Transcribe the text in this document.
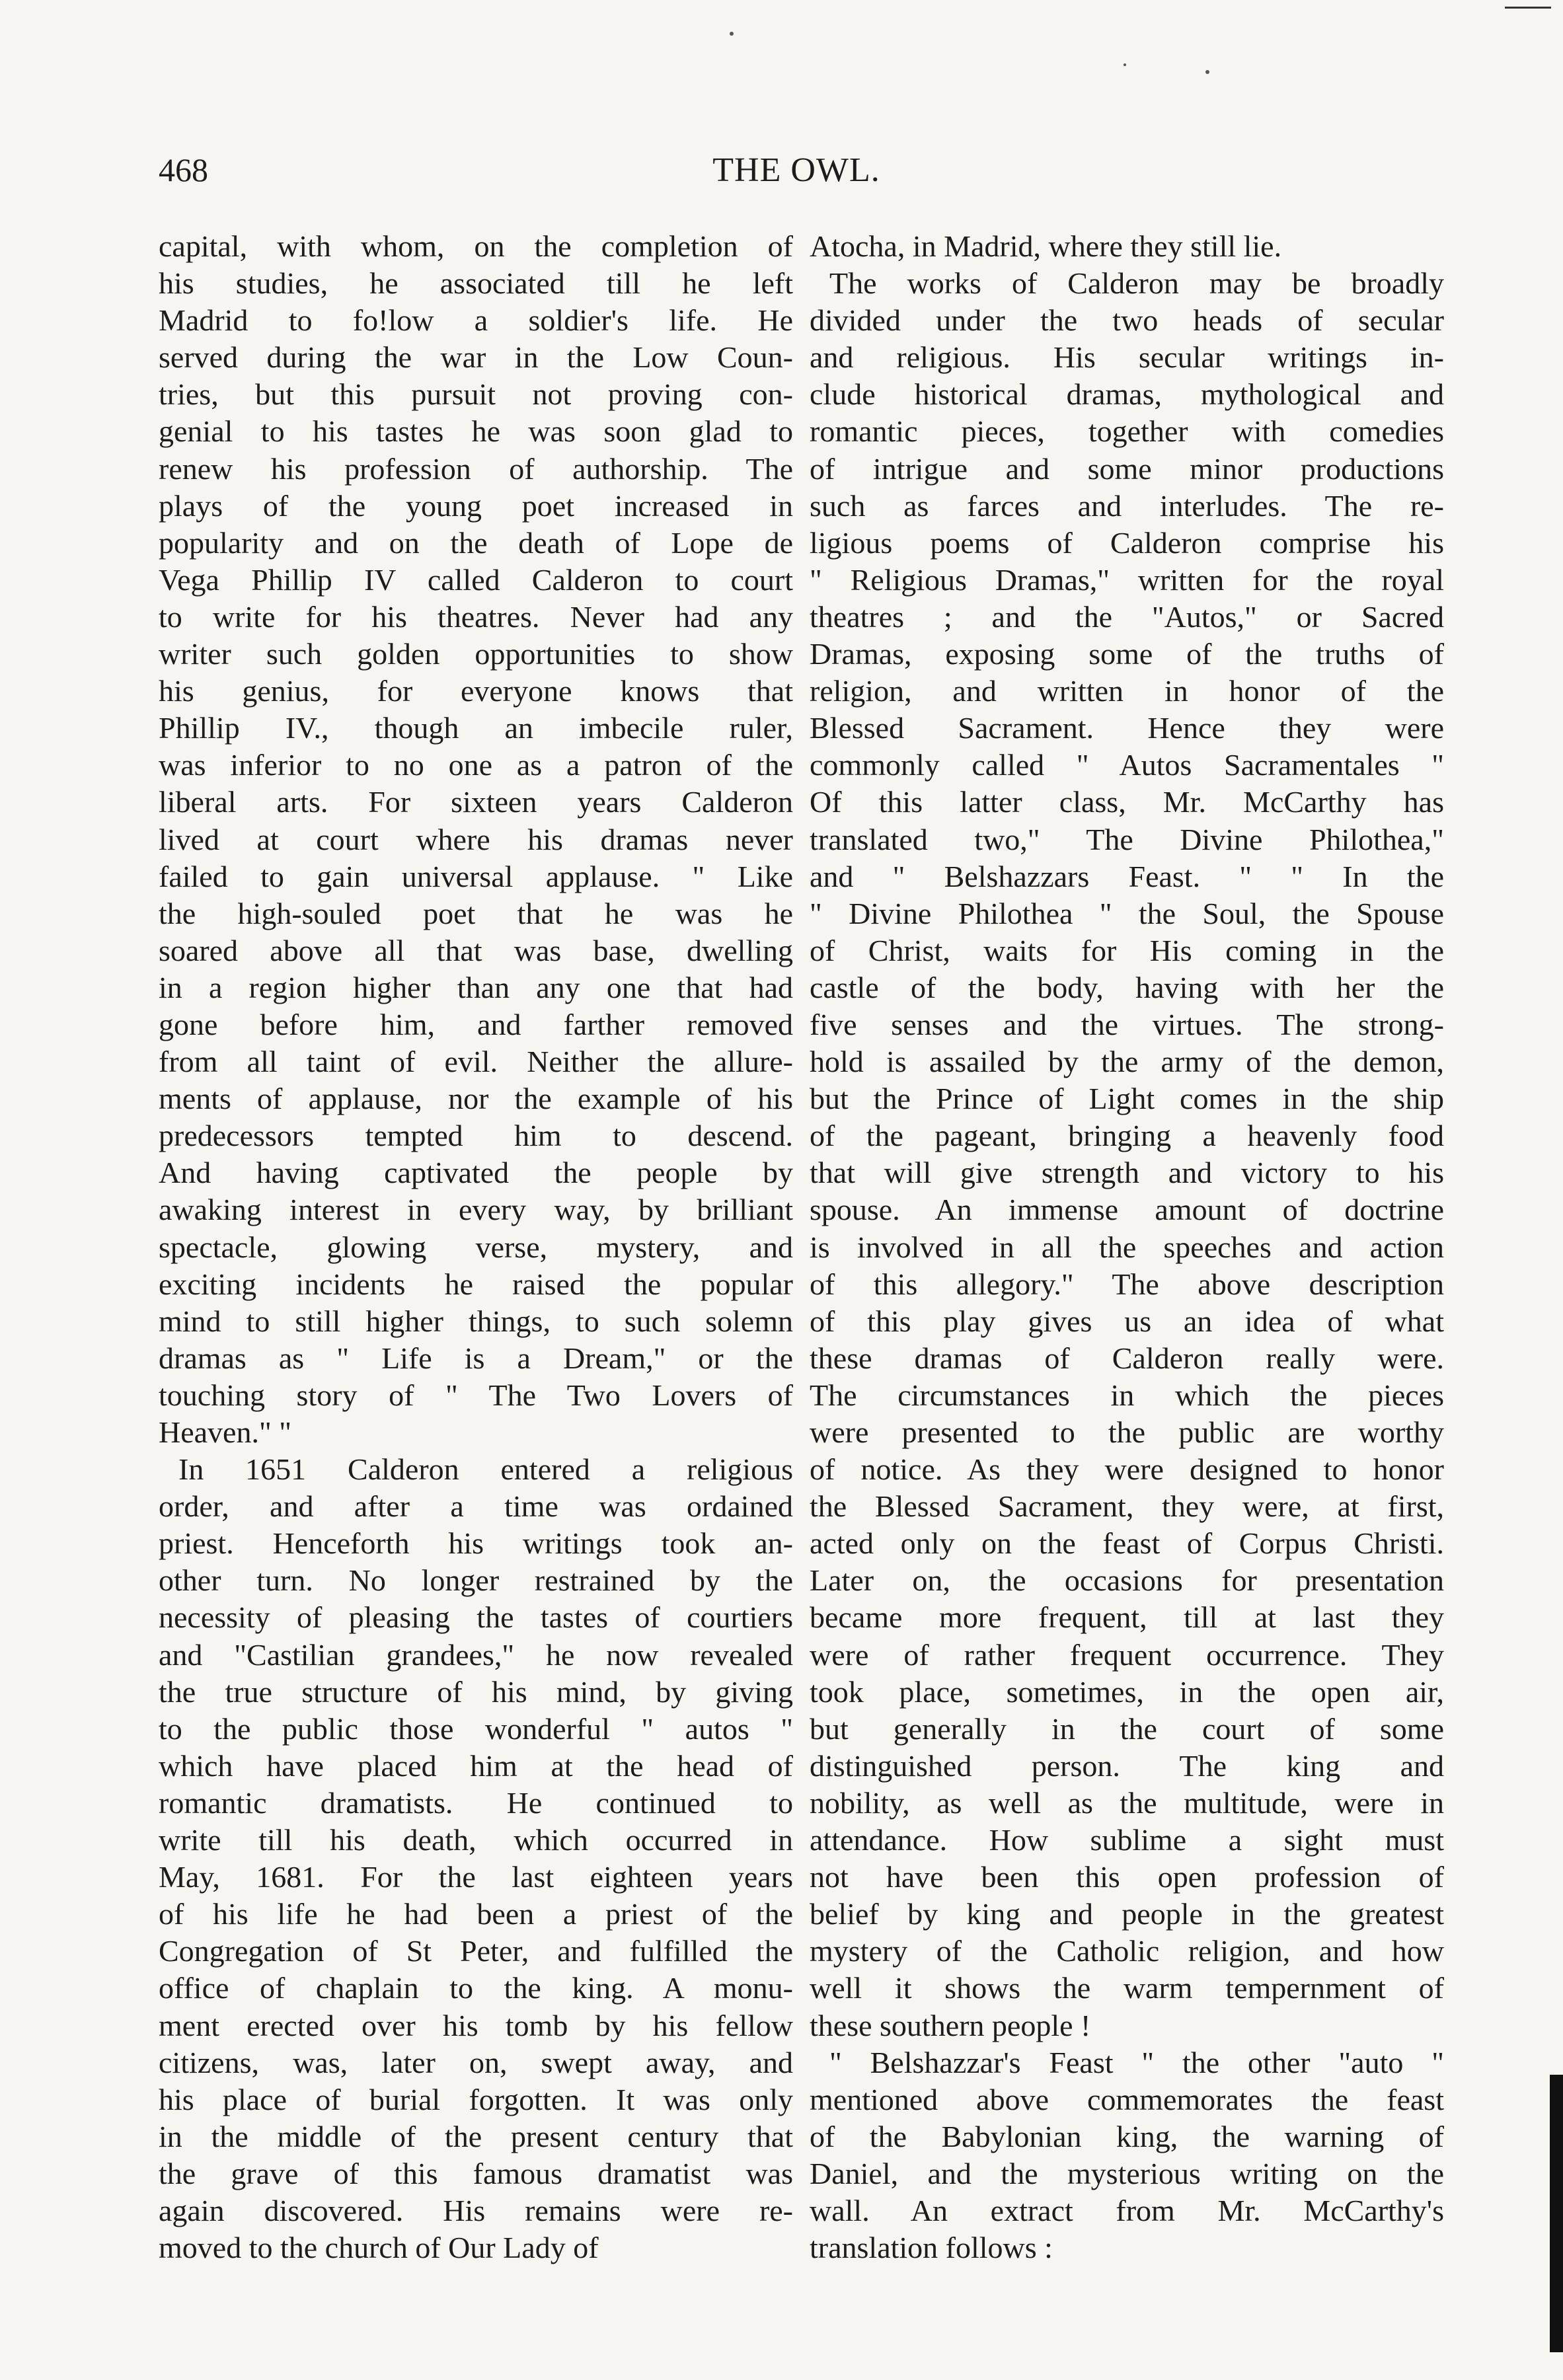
468	THE OWL.
capital, with whom, on the completion of
his studies, he associated till he left
Madrid to fo!low a soldier's life. He
served during the war in the Low Coun-
tries, but this pursuit not proving con-
genial to his tastes he was soon glad to
renew his profession of authorship. The
plays of the young poet increased in
popularity and on the death of Lope de
Vega Phillip IV called Calderon to court
to write for his theatres. Never had any
writer such golden opportunities to show
his genius, for everyone knows that
Phillip IV., though an imbecile ruler,
was inferior to no one as a patron of the
liberal arts. For sixteen years Calderon
lived at court where his dramas never
failed to gain universal applause. " Like
the high-souled poet that he was he
soared above all that was base, dwelling
in a region higher than any one that had
gone before him, and farther removed
from all taint of evil. Neither the allure-
ments of applause, nor the example of his
predecessors tempted him to descend.
And having captivated the people by
awaking interest in every way, by brilliant
spectacle, glowing verse, mystery, and
exciting incidents he raised the popular
mind to still higher things, to such solemn
dramas as " Life is a Dream," or the
touching story of " The Two Lovers of
Heaven." "
In 1651 Calderon entered a religious
order, and after a time was ordained
priest. Henceforth his writings took an-
other turn. No longer restrained by the
necessity of pleasing the tastes of courtiers
and "Castilian grandees," he now revealed
the true structure of his mind, by giving
to the public those wonderful " autos "
which have placed him at the head of
romantic dramatists. He continued to
write till his death, which occurred in
May, 1681. For the last eighteen years
of his life he had been a priest of the
Congregation of St Peter, and fulfilled the
office of chaplain to the king. A monu-
ment erected over his tomb by his fellow
citizens, was, later on, swept away, and
his place of burial forgotten. It was only
in the middle of the present century that
the grave of this famous dramatist was
again discovered. His remains were re-
moved to the church of Our Lady of
Atocha, in Madrid, where they still lie.
The works of Calderon may be broadly
divided under the two heads of secular
and religious. His secular writings in-
clude historical dramas, mythological and
romantic pieces, together with comedies
of intrigue and some minor productions
such as farces and interludes. The re-
ligious poems of Calderon comprise his
" Religious Dramas," written for the royal
theatres ; and the "Autos," or Sacred
Dramas, exposing some of the truths of
religion, and written in honor of the
Blessed Sacrament. Hence they were
commonly called " Autos Sacramentales "
Of this latter class, Mr. McCarthy has
translated two," The Divine Philothea,"
and " Belshazzars Feast. " " In the
" Divine Philothea " the Soul, the Spouse
of Christ, waits for His coming in the
castle of the body, having with her the
five senses and the virtues. The strong-
hold is assailed by the army of the demon,
but the Prince of Light comes in the ship
of the pageant, bringing a heavenly food
that will give strength and victory to his
spouse. An immense amount of doctrine
is involved in all the speeches and action
of this allegory." The above description
of this play gives us an idea of what
these dramas of Calderon really were.
The circumstances in which the pieces
were presented to the public are worthy
of notice. As they were designed to honor
the Blessed Sacrament, they were, at first,
acted only on the feast of Corpus Christi.
Later on, the occasions for presentation
became more frequent, till at last they
were of rather frequent occurrence. They
took place, sometimes, in the open air,
but generally in the court of some
distinguished person. The king and
nobility, as well as the multitude, were in
attendance. How sublime a sight must
not have been this open profession of
belief by king and people in the greatest
mystery of the Catholic religion, and how
well it shows the warm tempernment of
these southern people !
" Belshazzar's Feast " the other "auto "
mentioned above commemorates the feast
of the Babylonian king, the warning of
Daniel, and the mysterious writing on the
wall. An extract from Mr. McCarthy's
translation follows :
